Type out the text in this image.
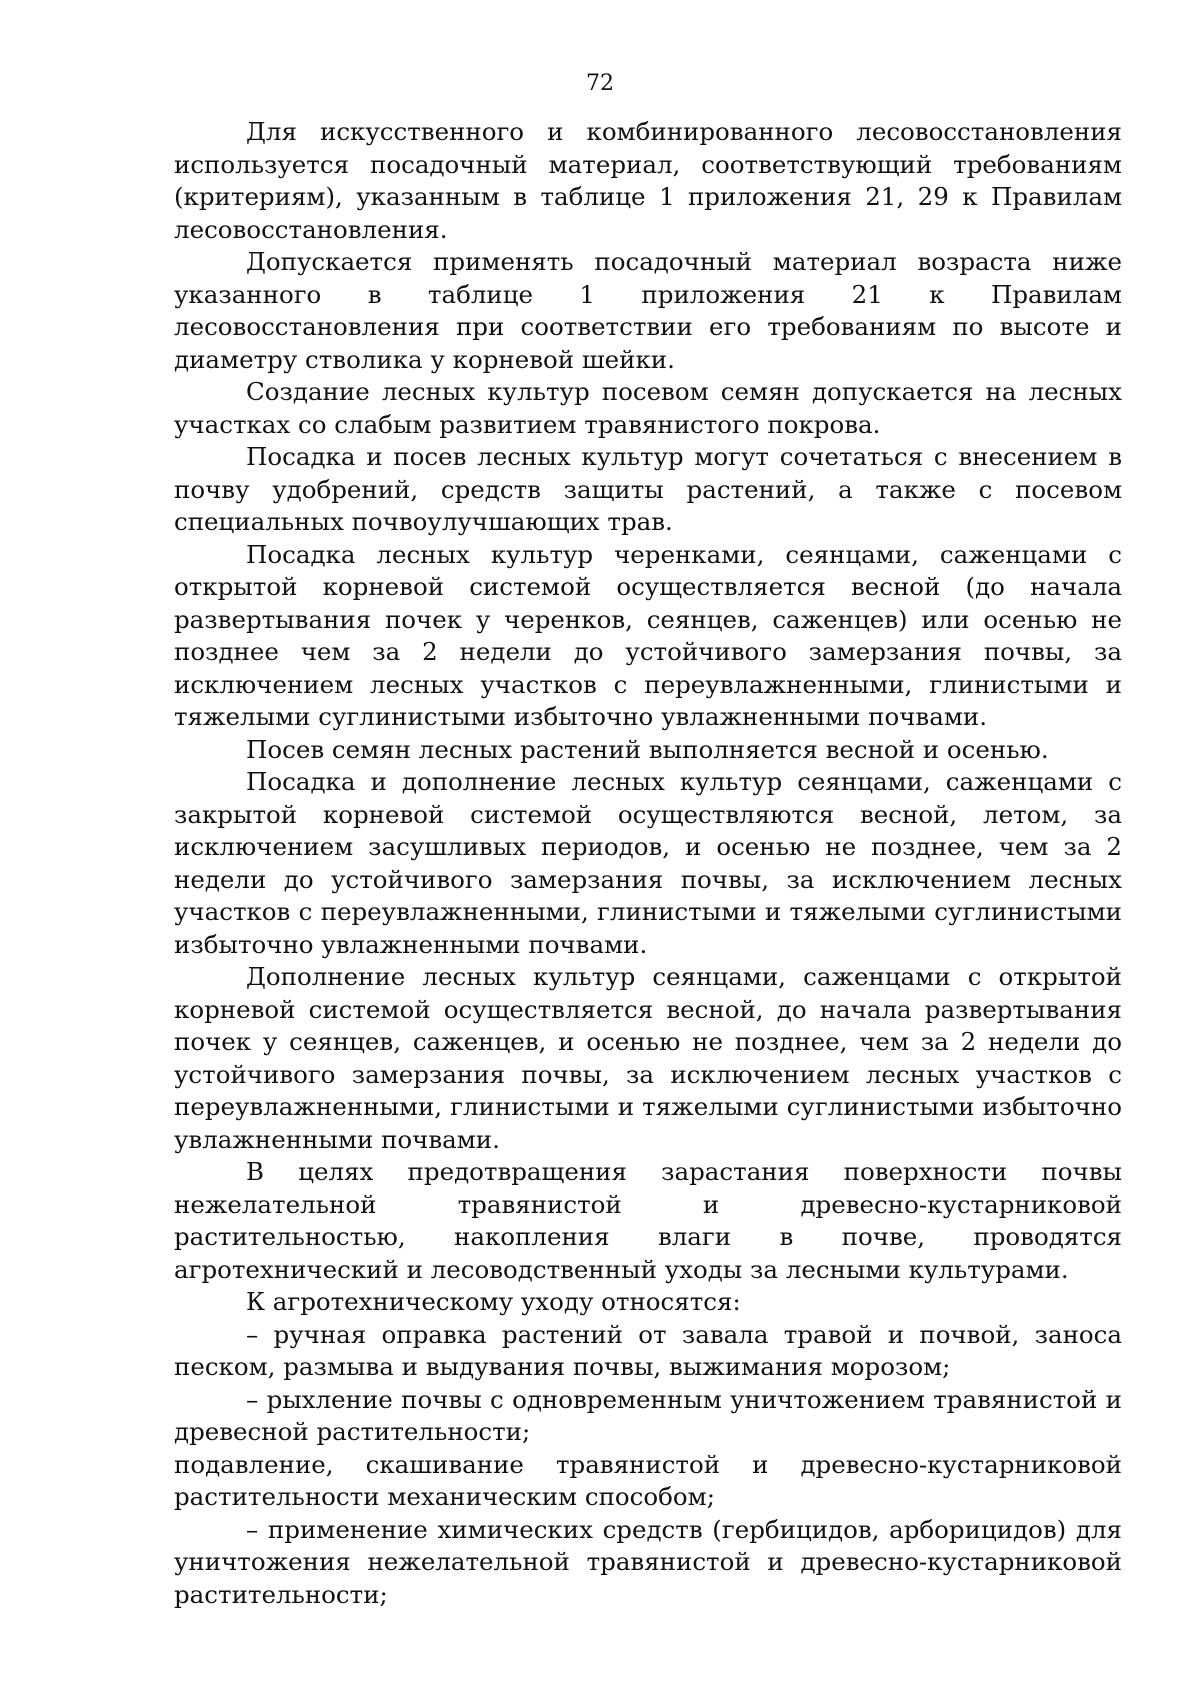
72

Для искусственного и комбинированного лесовосстановления используется посадочный материал, соответствующий требованиям (критериям), указанным в таблице 1 приложения 21, 29 к Правилам лесовосстановления.

Допускается применять посадочный материал возраста ниже указанного в таблице 1 приложения 21 к Правилам лесовосстановления при соответствии его требованиям по высоте и диаметру стволика у корневой шейки.

Создание лесных культур посевом семян допускается на лесных участках со слабым развитием травянистого покрова.

Посадка и посев лесных культур могут сочетаться с внесением в почву удобрений, средств защиты растений, а также с посевом специальных почвоулучшающих трав.

Посадка лесных культур черенками, сеянцами, саженцами с открытой корневой системой осуществляется весной (до начала развертывания почек у черенков, сеянцев, саженцев) или осенью не позднее чем за 2 недели до устойчивого замерзания почвы, за исключением лесных участков с переувлажненными, глинистыми и тяжелыми суглинистыми избыточно увлажненными почвами.

Посев семян лесных растений выполняется весной и осенью.

Посадка и дополнение лесных культур сеянцами, саженцами с закрытой корневой системой осуществляются весной, летом, за исключением засушливых периодов, и осенью не позднее, чем за 2 недели до устойчивого замерзания почвы, за исключением лесных участков с переувлажненными, глинистыми и тяжелыми суглинистыми избыточно увлажненными почвами.

Дополнение лесных культур сеянцами, саженцами с открытой корневой системой осуществляется весной, до начала развертывания почек у сеянцев, саженцев, и осенью не позднее, чем за 2 недели до устойчивого замерзания почвы, за исключением лесных участков с переувлажненными, глинистыми и тяжелыми суглинистыми избыточно увлажненными почвами.

В целях предотвращения зарастания поверхности почвы нежелательной травянистой и древесно-кустарниковой растительностью, накопления влаги в почве, проводятся агротехнический и лесоводственный уходы за лесными культурами.

К агротехническому уходу относятся:

– ручная оправка растений от завала травой и почвой, заноса песком, размыва и выдувания почвы, выжимания морозом;

– рыхление почвы с одновременным уничтожением травянистой и древесной растительности;

подавление, скашивание травянистой и древесно-кустарниковой растительности механическим способом;

– применение химических средств (гербицидов, арборицидов) для уничтожения нежелательной травянистой и древесно-кустарниковой растительности;
